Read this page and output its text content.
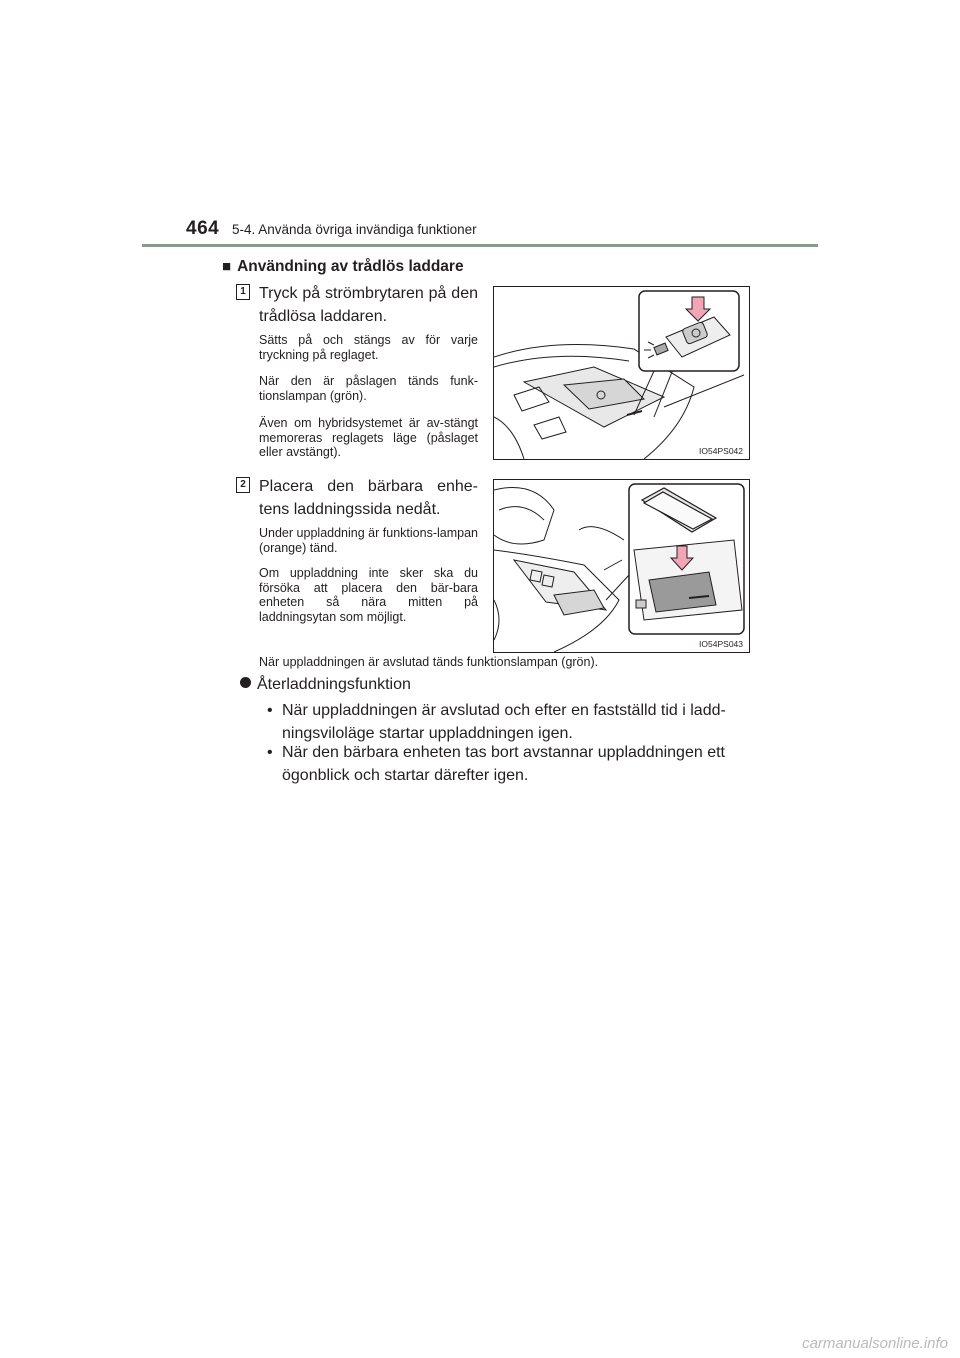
464 5-4. Använda övriga invändiga funktioner
■ Användning av trådlös laddare
1 Tryck på strömbrytaren på den trådlösa laddaren.
Sätts på och stängs av för varje tryckning på reglaget.
När den är påslagen tänds funk-tionslampan (grön).
Även om hybridsystemet är av-stängt memoreras reglagets läge (påslaget eller avstängt).	IO54PS042
2 Placera den bärbara enhe-tens laddningssida nedåt.
Under uppladdning är funktions-lampan (orange) tänd.
Om uppladdning inte sker ska du försöka att placera den bär-bara enheten så nära mitten på laddningsytan som möjligt.
IO54PS043
När uppladdningen är avslutad tänds funktionslampan (grön).
Återladdningsfunktion
• När uppladdningen är avslutad och efter en fastställd tid i ladd-ningsviloläge startar uppladdningen igen.
• När den bärbara enheten tas bort avstannar uppladdningen ett ögonblick och startar därefter igen.
carmanualsonline.info
